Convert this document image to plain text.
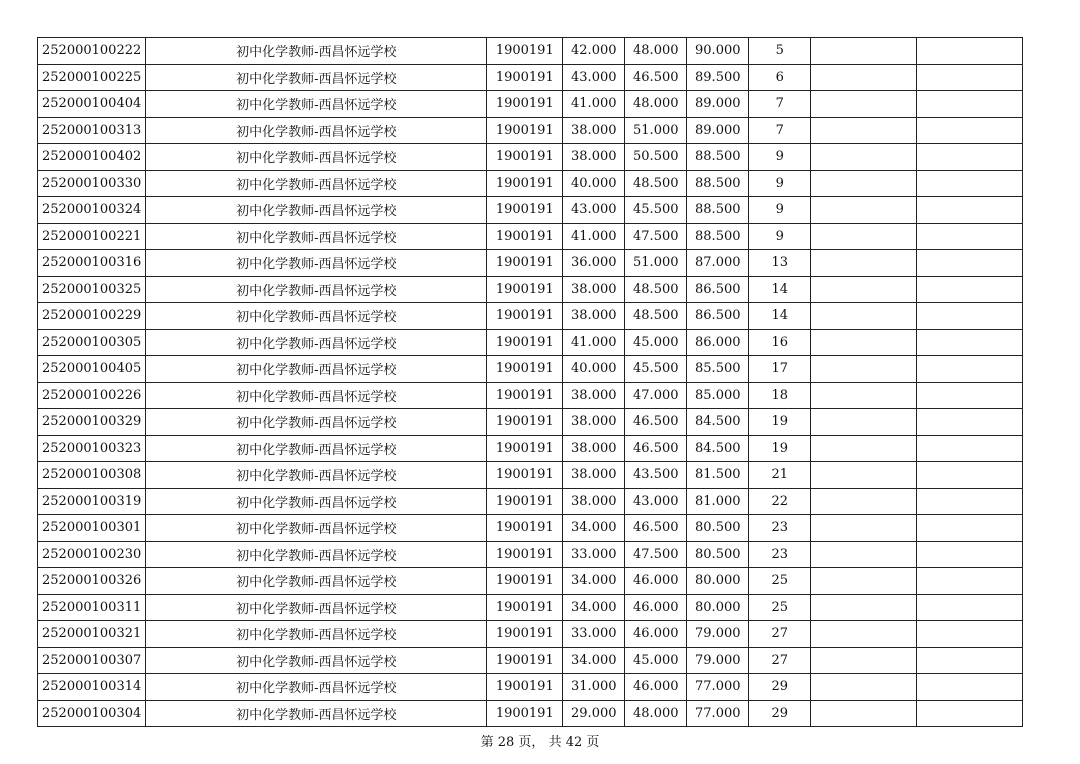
252000100222	初中化学教师-西昌怀远学校	1900191	42.000	48.000	90.000	5		
252000100225	初中化学教师-西昌怀远学校	1900191	43.000	46.500	89.500	6		
252000100404	初中化学教师-西昌怀远学校	1900191	41.000	48.000	89.000	7		
252000100313	初中化学教师-西昌怀远学校	1900191	38.000	51.000	89.000	7		
252000100402	初中化学教师-西昌怀远学校	1900191	38.000	50.500	88.500	9		
252000100330	初中化学教师-西昌怀远学校	1900191	40.000	48.500	88.500	9		
252000100324	初中化学教师-西昌怀远学校	1900191	43.000	45.500	88.500	9		
252000100221	初中化学教师-西昌怀远学校	1900191	41.000	47.500	88.500	9		
252000100316	初中化学教师-西昌怀远学校	1900191	36.000	51.000	87.000	13		
252000100325	初中化学教师-西昌怀远学校	1900191	38.000	48.500	86.500	14		
252000100229	初中化学教师-西昌怀远学校	1900191	38.000	48.500	86.500	14		
252000100305	初中化学教师-西昌怀远学校	1900191	41.000	45.000	86.000	16		
252000100405	初中化学教师-西昌怀远学校	1900191	40.000	45.500	85.500	17		
252000100226	初中化学教师-西昌怀远学校	1900191	38.000	47.000	85.000	18		
252000100329	初中化学教师-西昌怀远学校	1900191	38.000	46.500	84.500	19		
252000100323	初中化学教师-西昌怀远学校	1900191	38.000	46.500	84.500	19		
252000100308	初中化学教师-西昌怀远学校	1900191	38.000	43.500	81.500	21		
252000100319	初中化学教师-西昌怀远学校	1900191	38.000	43.000	81.000	22		
252000100301	初中化学教师-西昌怀远学校	1900191	34.000	46.500	80.500	23		
252000100230	初中化学教师-西昌怀远学校	1900191	33.000	47.500	80.500	23		
252000100326	初中化学教师-西昌怀远学校	1900191	34.000	46.000	80.000	25		
252000100311	初中化学教师-西昌怀远学校	1900191	34.000	46.000	80.000	25		
252000100321	初中化学教师-西昌怀远学校	1900191	33.000	46.000	79.000	27		
252000100307	初中化学教师-西昌怀远学校	1900191	34.000	45.000	79.000	27		
252000100314	初中化学教师-西昌怀远学校	1900191	31.000	46.000	77.000	29		
252000100304	初中化学教师-西昌怀远学校	1900191	29.000	48.000	77.000	29		
第 28 页， 共 42 页
